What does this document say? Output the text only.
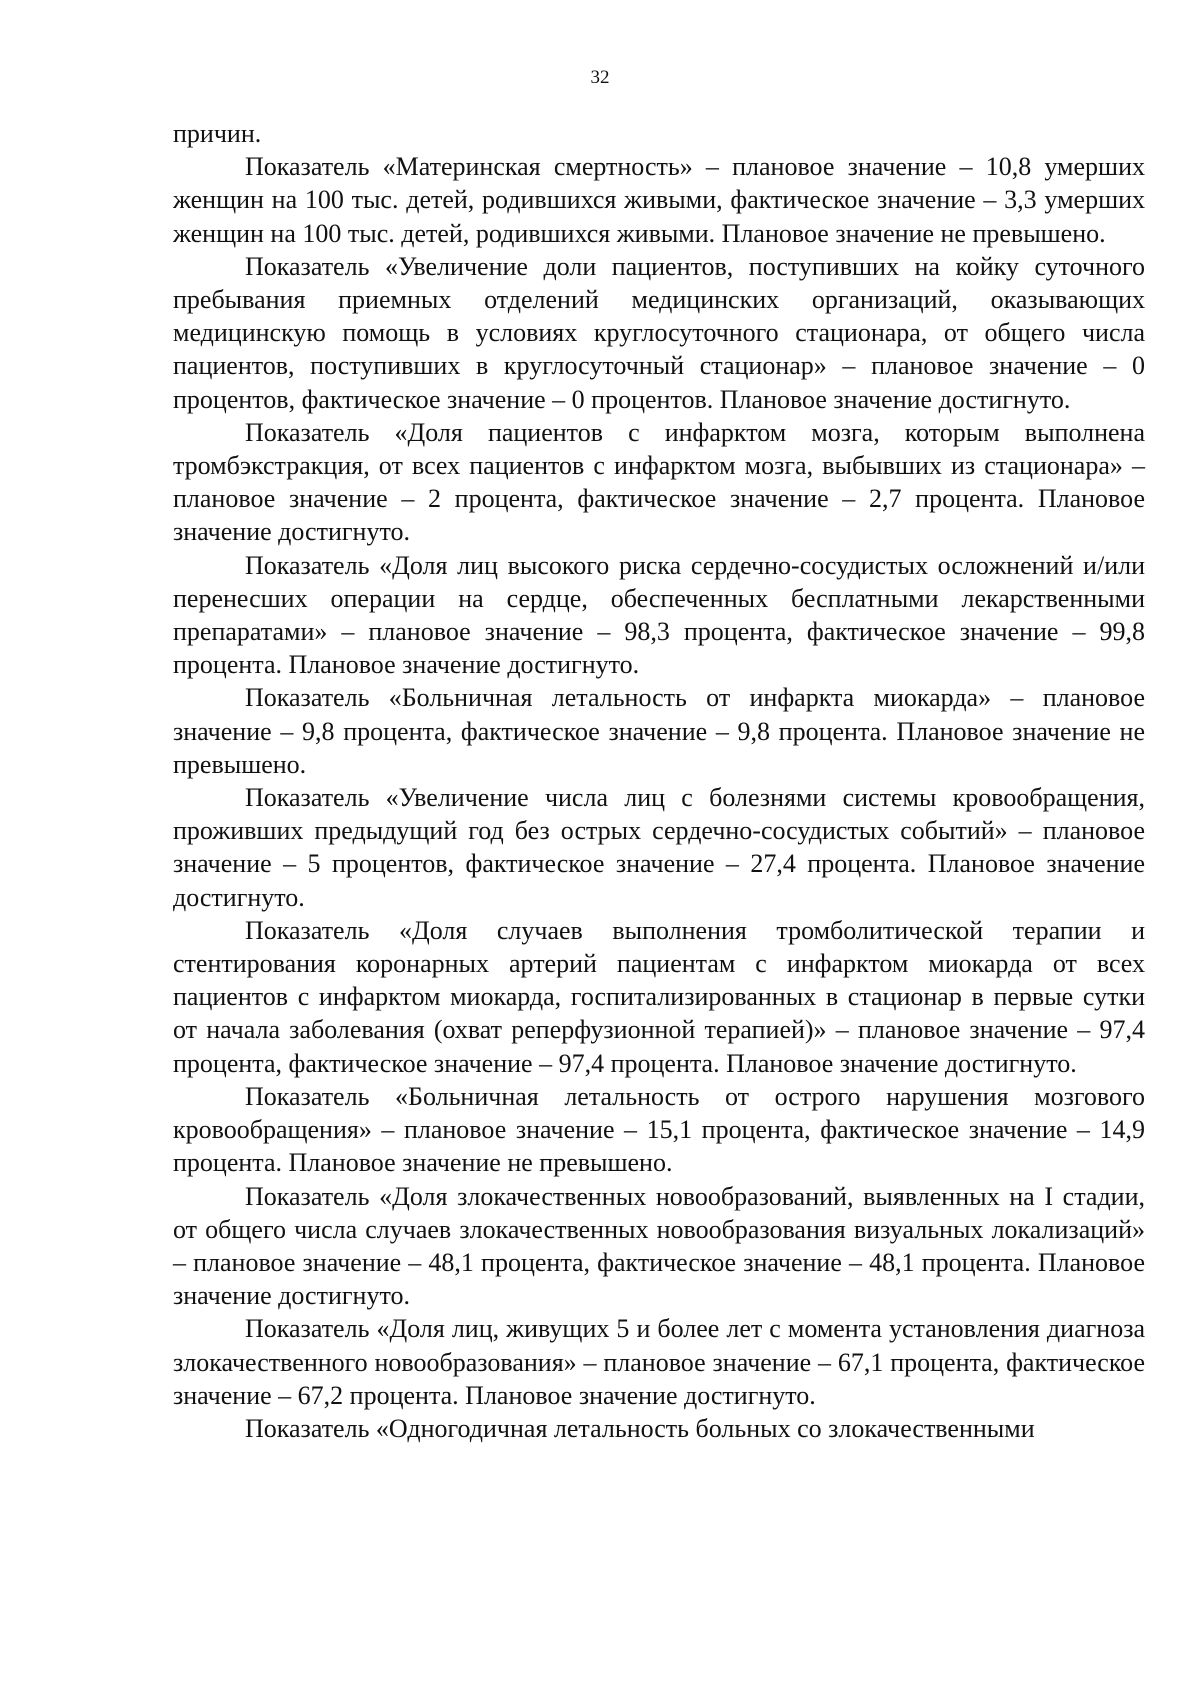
32

причин.

Показатель «Материнская смертность» – плановое значение – 10,8 умерших женщин на 100 тыс. детей, родившихся живыми, фактическое значение – 3,3 умерших женщин на 100 тыс. детей, родившихся живыми. Плановое значение не превышено.

Показатель «Увеличение доли пациентов, поступивших на койку суточного пребывания приемных отделений медицинских организаций, оказывающих медицинскую помощь в условиях круглосуточного стационара, от общего числа пациентов, поступивших в круглосуточный стационар» – плановое значение – 0 процентов, фактическое значение – 0 процентов. Плановое значение достигнуто.

Показатель «Доля пациентов с инфарктом мозга, которым выполнена тромбэкстракция, от всех пациентов с инфарктом мозга, выбывших из стационара» – плановое значение – 2 процента, фактическое значение – 2,7 процента. Плановое значение достигнуто.

Показатель «Доля лиц высокого риска сердечно-сосудистых осложнений и/или перенесших операции на сердце, обеспеченных бесплатными лекарственными препаратами» – плановое значение – 98,3 процента, фактическое значение – 99,8 процента. Плановое значение достигнуто.

Показатель «Больничная летальность от инфаркта миокарда» – плановое значение – 9,8 процента, фактическое значение – 9,8 процента. Плановое значение не превышено.

Показатель «Увеличение числа лиц с болезнями системы кровообращения, проживших предыдущий год без острых сердечно-сосудистых событий» – плановое значение – 5 процентов, фактическое значение – 27,4 процента. Плановое значение достигнуто.

Показатель «Доля случаев выполнения тромболитической терапии и стентирования коронарных артерий пациентам с инфарктом миокарда от всех пациентов с инфарктом миокарда, госпитализированных в стационар в первые сутки от начала заболевания (охват реперфузионной терапией)» – плановое значение – 97,4 процента, фактическое значение – 97,4 процента. Плановое значение достигнуто.

Показатель «Больничная летальность от острого нарушения мозгового кровообращения» – плановое значение – 15,1 процента, фактическое значение – 14,9 процента. Плановое значение не превышено.

Показатель «Доля злокачественных новообразований, выявленных на I стадии, от общего числа случаев злокачественных новообразования визуальных локализаций» – плановое значение – 48,1 процента, фактическое значение – 48,1 процента. Плановое значение достигнуто.

Показатель «Доля лиц, живущих 5 и более лет с момента установления диагноза злокачественного новообразования» – плановое значение – 67,1 процента, фактическое значение – 67,2 процента. Плановое значение достигнуто.

Показатель «Одногодичная летальность больных со злокачественными
